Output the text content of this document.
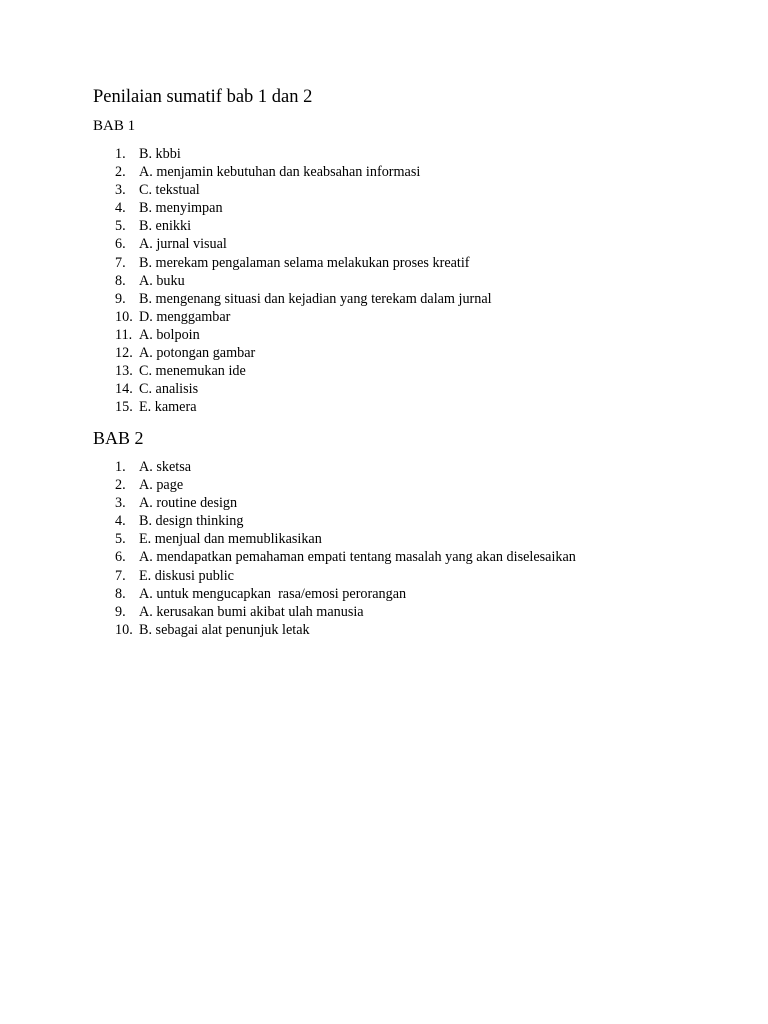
Penilaian sumatif bab 1 dan 2
BAB 1
1. B. kbbi
2. A. menjamin kebutuhan dan keabsahan informasi
3. C. tekstual
4. B. menyimpan
5. B. enikki
6. A. jurnal visual
7. B. merekam pengalaman selama melakukan proses kreatif
8. A. buku
9. B. mengenang situasi dan kejadian yang terekam dalam jurnal
10. D. menggambar
11. A. bolpoin
12. A. potongan gambar
13. C. menemukan ide
14. C. analisis
15. E. kamera
BAB 2
1. A. sketsa
2. A. page
3. A. routine design
4. B. design thinking
5. E. menjual dan memublikasikan
6. A. mendapatkan pemahaman empati tentang masalah yang akan diselesaikan
7. E. diskusi public
8. A. untuk mengucapkan  rasa/emosi perorangan
9. A. kerusakan bumi akibat ulah manusia
10. B. sebagai alat penunjuk letak
